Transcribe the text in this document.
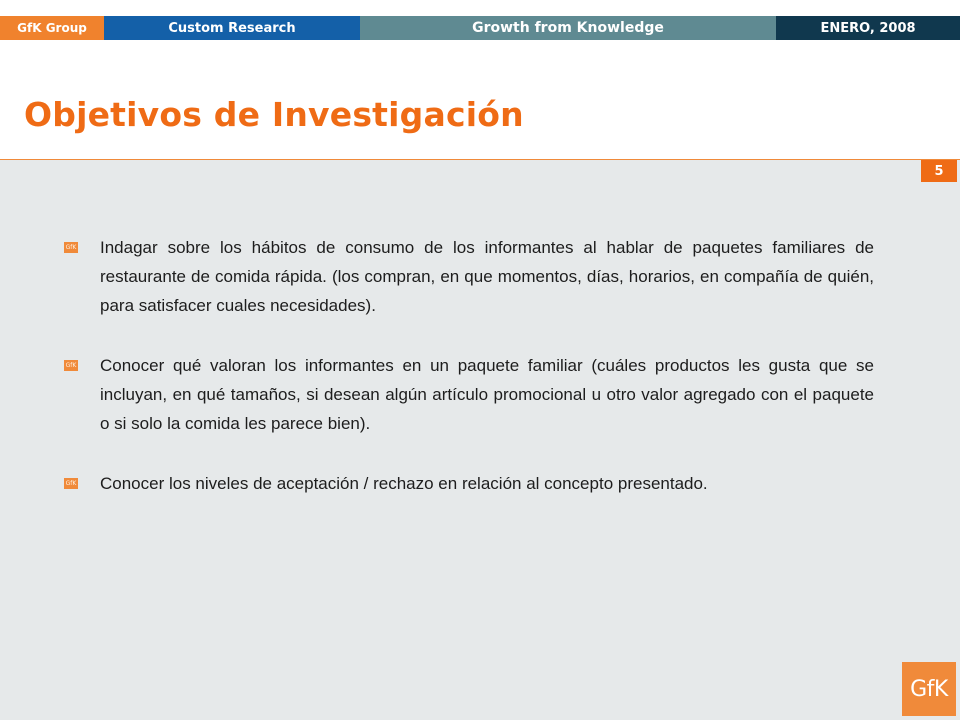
GfK Group	Custom Research	Growth from Knowledge	ENERO, 2008
Objetivos de Investigación
5
GfK Indagar sobre los hábitos de consumo de los informantes al hablar de paquetes familiares de restaurante de comida rápida. (los compran, en que momentos, días, horarios, en compañía de quién, para satisfacer cuales necesidades).
GfK Conocer qué valoran los informantes en un paquete familiar (cuáles productos les gusta que se incluyan, en qué tamaños, si desean algún artículo promocional u otro valor agregado con el paquete o si solo la comida les parece bien).
GfK Conocer los niveles de aceptación / rechazo en relación al concepto presentado.
GfK
